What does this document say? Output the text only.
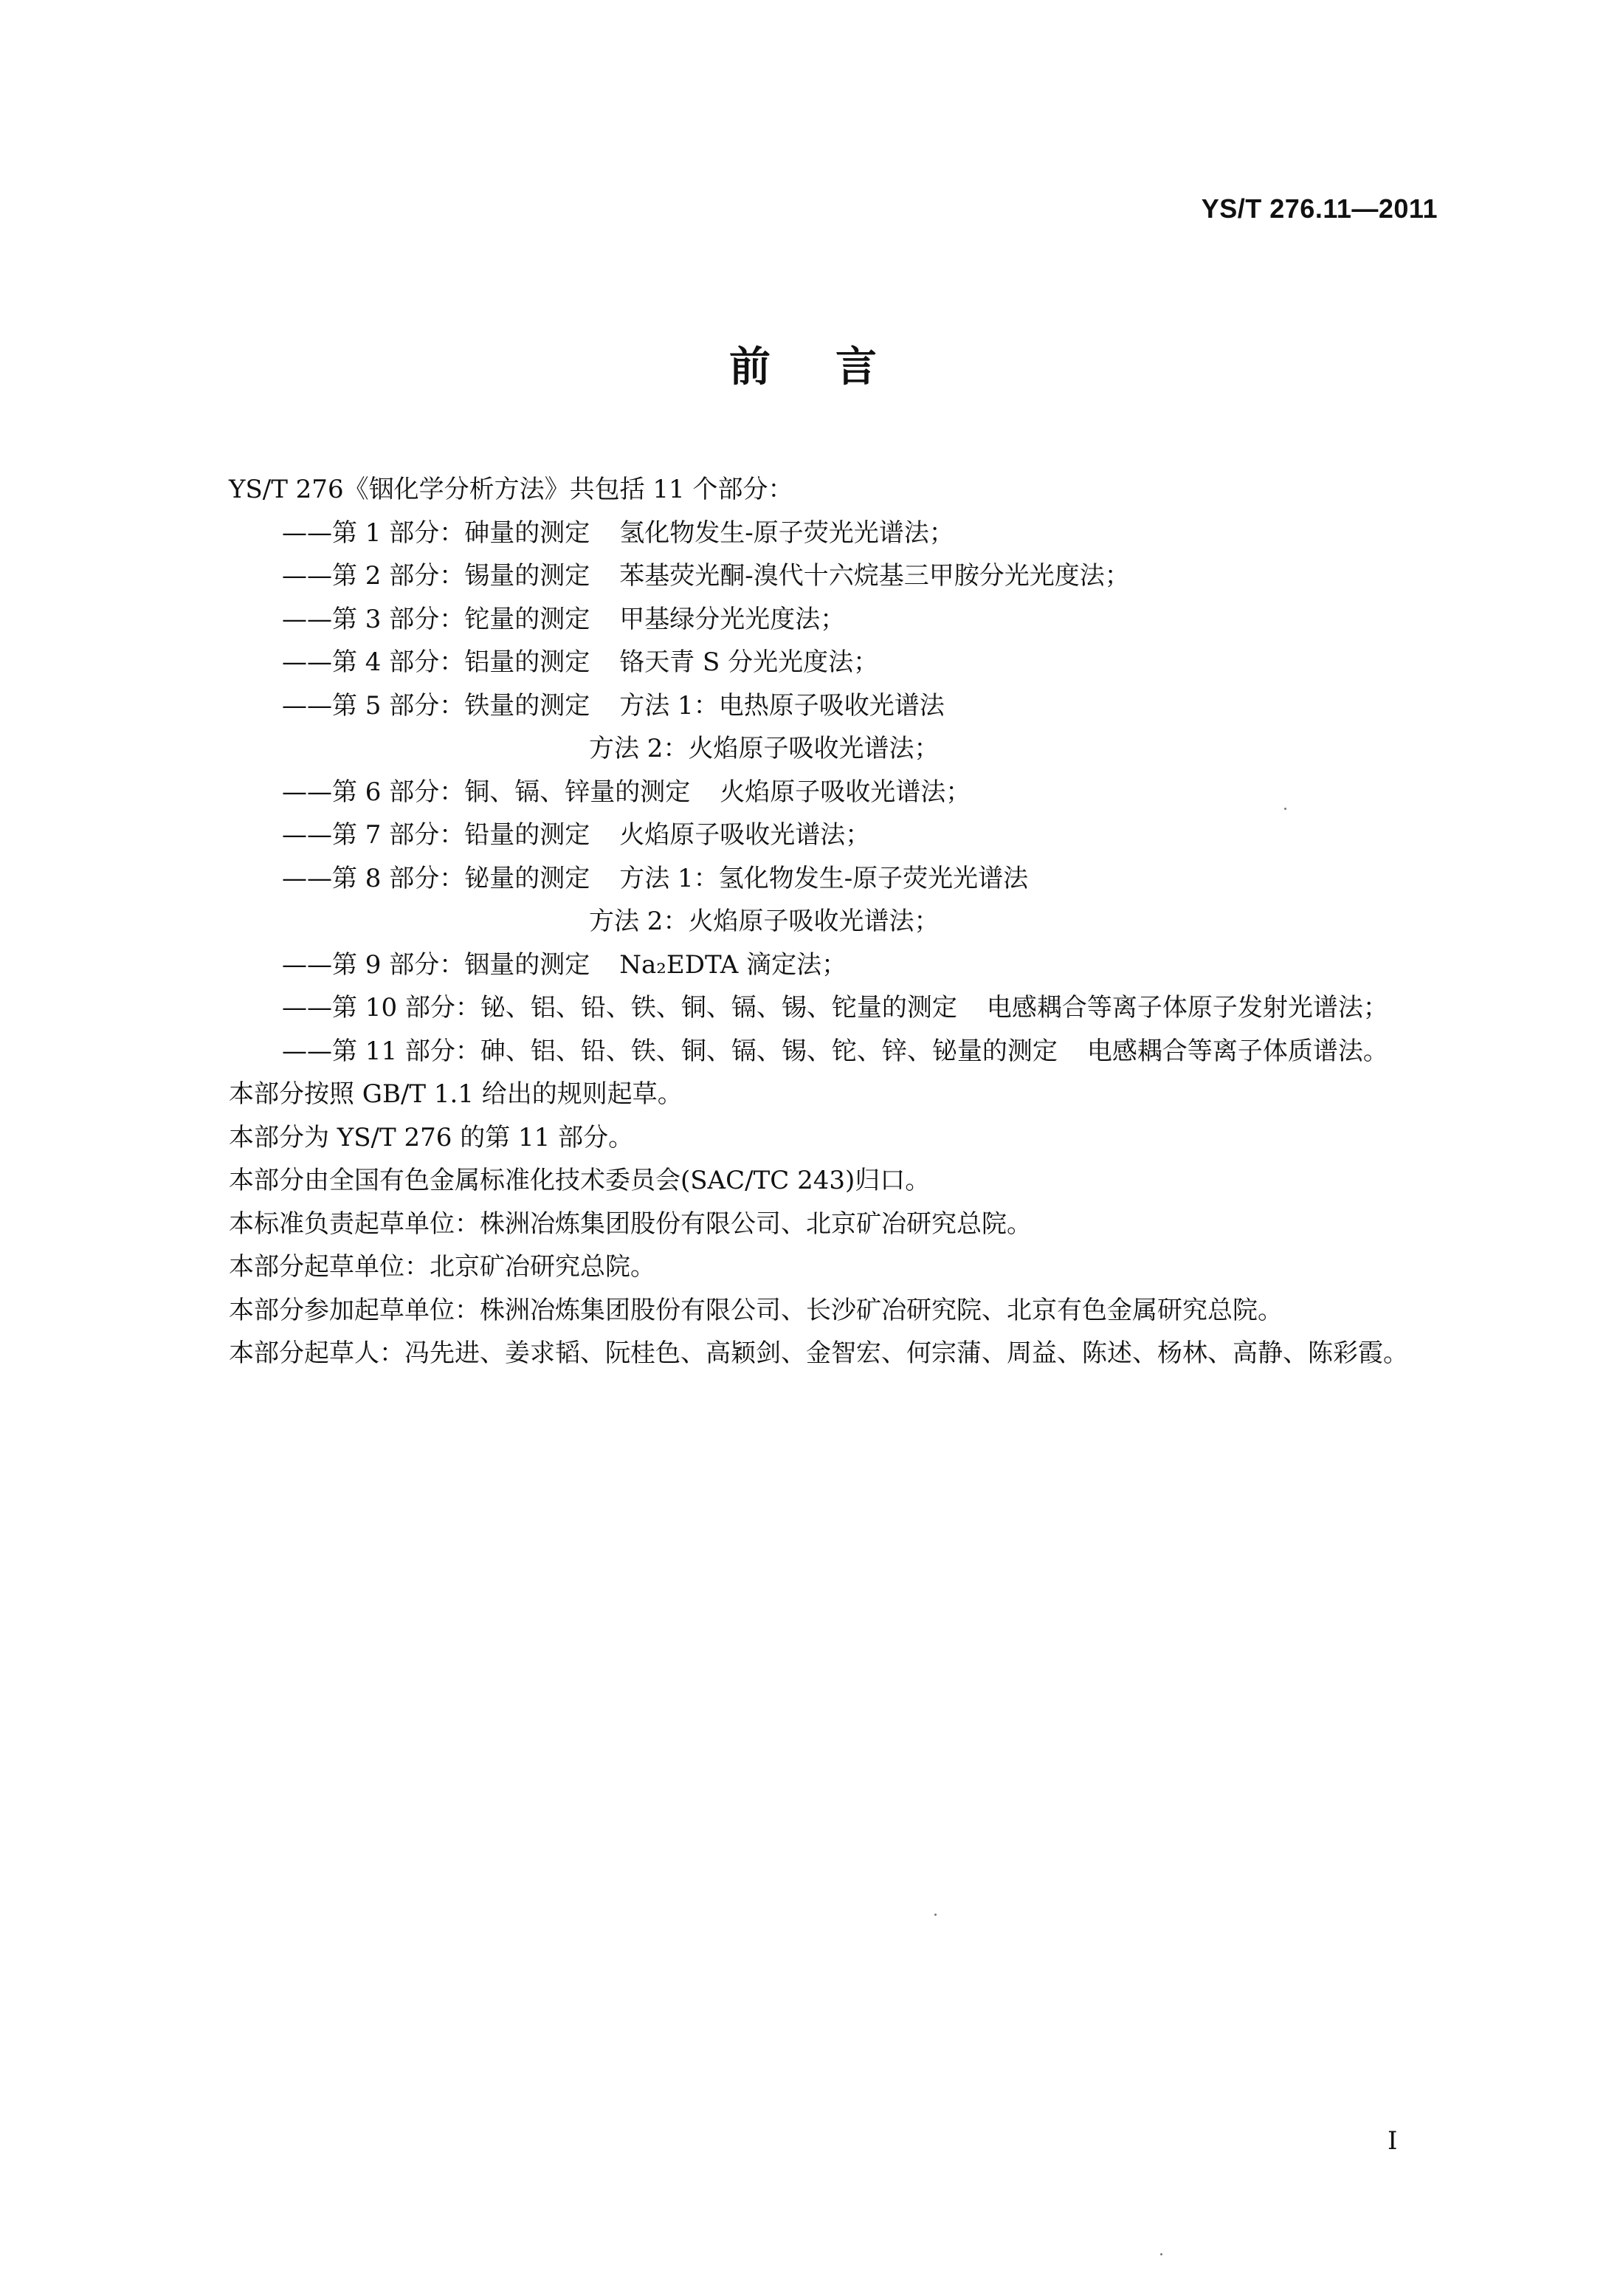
YS/T 276.11—2011
前 言
YS/T 276《铟化学分析方法》共包括 11 个部分：
——第 1 部分：砷量的测定 氢化物发生-原子荧光光谱法；
——第 2 部分：锡量的测定 苯基荧光酮-溴代十六烷基三甲胺分光光度法；
——第 3 部分：铊量的测定 甲基绿分光光度法；
——第 4 部分：铝量的测定 铬天青 S 分光光度法；
——第 5 部分：铁量的测定 方法 1：电热原子吸收光谱法
方法 2：火焰原子吸收光谱法；
——第 6 部分：铜、镉、锌量的测定 火焰原子吸收光谱法；
——第 7 部分：铅量的测定 火焰原子吸收光谱法；
——第 8 部分：铋量的测定 方法 1：氢化物发生-原子荧光光谱法
方法 2：火焰原子吸收光谱法；
——第 9 部分：铟量的测定 Na₂EDTA 滴定法；
——第 10 部分：铋、铝、铅、铁、铜、镉、锡、铊量的测定 电感耦合等离子体原子发射光谱法；
——第 11 部分：砷、铝、铅、铁、铜、镉、锡、铊、锌、铋量的测定 电感耦合等离子体质谱法。
本部分按照 GB/T 1.1 给出的规则起草。
本部分为 YS/T 276 的第 11 部分。
本部分由全国有色金属标准化技术委员会(SAC/TC 243)归口。
本标准负责起草单位：株洲冶炼集团股份有限公司、北京矿冶研究总院。
本部分起草单位：北京矿冶研究总院。
本部分参加起草单位：株洲冶炼集团股份有限公司、长沙矿冶研究院、北京有色金属研究总院。
本部分起草人：冯先进、姜求韬、阮桂色、高颖剑、金智宏、何宗蒲、周益、陈述、杨林、高静、陈彩霞。
I
